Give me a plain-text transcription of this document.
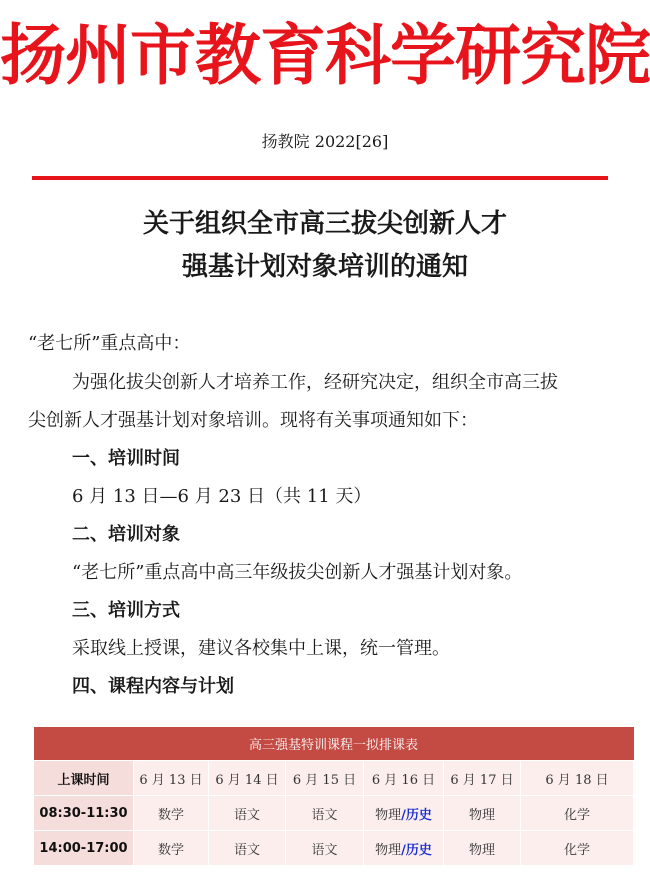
扬州市教育科学研究院
扬教院 2022[26]
关于组织全市高三拔尖创新人才
强基计划对象培训的通知
“老七所”重点高中：
为强化拔尖创新人才培养工作，经研究决定，组织全市高三拔
尖创新人才强基计划对象培训。现将有关事项通知如下：
一、培训时间
6 月 13 日—6 月 23 日（共 11 天）
二、培训对象
“老七所”重点高中高三年级拔尖创新人才强基计划对象。
三、培训方式
采取线上授课，建议各校集中上课，统一管理。
四、课程内容与计划
高三强基特训课程一拟排课表						
上课时间	6 月 13 日	6 月 14 日	6 月 15 日	6 月 16 日	6 月 17 日	6 月 18 日
08:30-11:30	数学	语文	语文	物理/历史	物理	化学
14:00-17:00	数学	语文	语文	物理/历史	物理	化学
